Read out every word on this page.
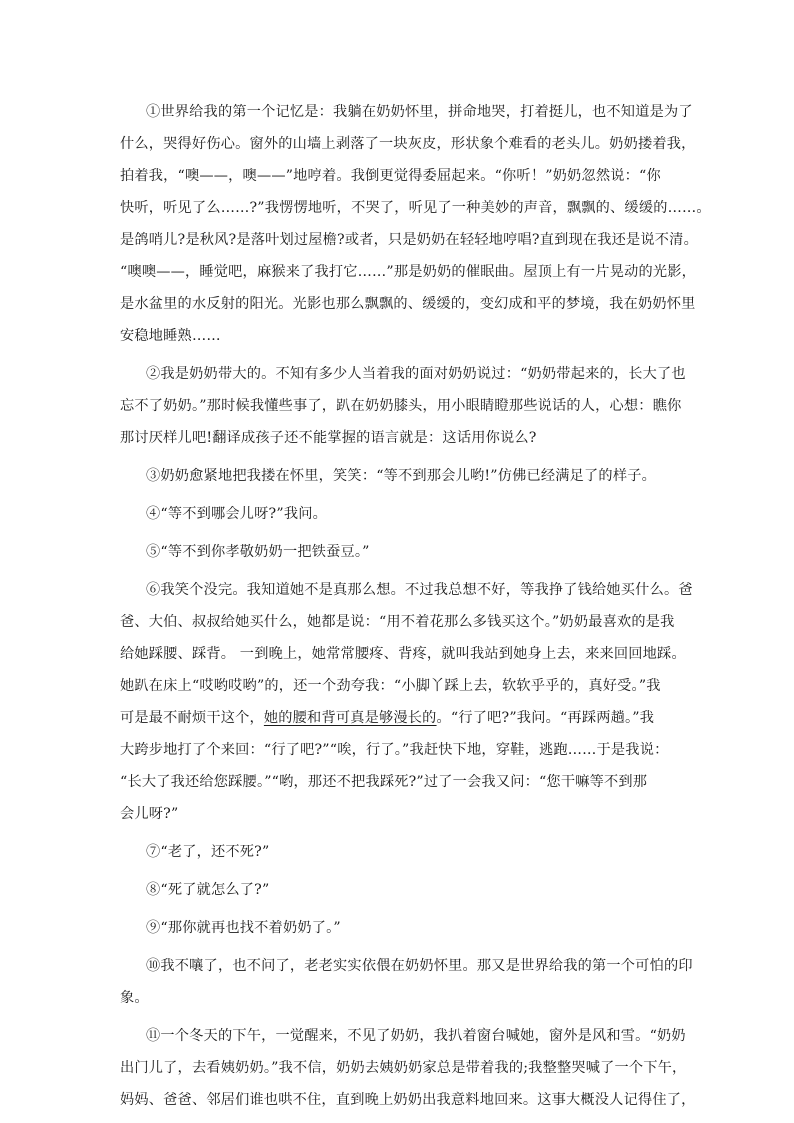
①世界给我的第一个记忆是：我躺在奶奶怀里，拼命地哭，打着挺儿，也不知道是为了
什么，哭得好伤心。窗外的山墙上剥落了一块灰皮，形状象个难看的老头儿。奶奶搂着我，
拍着我，“噢——，噢——”地哼着。我倒更觉得委屈起来。“你听！”奶奶忽然说：“你
快听，听见了么……?”我愣愣地听，不哭了，听见了一种美妙的声音，飘飘的、缓缓的……。
是鸽哨儿?是秋风?是落叶划过屋檐?或者，只是奶奶在轻轻地哼唱?直到现在我还是说不清。
“噢噢——，睡觉吧，麻猴来了我打它……”那是奶奶的催眠曲。屋顶上有一片晃动的光影，
是水盆里的水反射的阳光。光影也那么飘飘的、缓缓的，变幻成和平的梦境，我在奶奶怀里
安稳地睡熟……

②我是奶奶带大的。不知有多少人当着我的面对奶奶说过：“奶奶带起来的，长大了也
忘不了奶奶。”那时候我懂些事了，趴在奶奶膝头，用小眼睛瞪那些说话的人，心想：瞧你
那讨厌样儿吧!翻译成孩子还不能掌握的语言就是：这话用你说么?

③奶奶愈紧地把我搂在怀里，笑笑：“等不到那会儿哟!”仿佛已经满足了的样子。

④“等不到哪会儿呀?”我问。

⑤“等不到你孝敬奶奶一把铁蚕豆。”

⑥我笑个没完。我知道她不是真那么想。不过我总想不好，等我挣了钱给她买什么。爸
爸、大伯、叔叔给她买什么，她都是说：“用不着花那么多钱买这个。”奶奶最喜欢的是我
给她踩腰、踩背。 一到晚上，她常常腰疼、背疼，就叫我站到她身上去，来来回回地踩。
她趴在床上“哎哟哎哟”的，还一个劲夸我：“小脚丫踩上去，软软乎乎的，真好受。”我
可是最不耐烦干这个，她的腰和背可真是够漫长的。“行了吧?”我问。“再踩两趟。”我
大跨步地打了个来回：“行了吧?”“唉，行了。”我赶快下地，穿鞋，逃跑……于是我说：
“长大了我还给您踩腰。”“哟，那还不把我踩死?”过了一会我又问：“您干嘛等不到那
会儿呀?”

⑦“老了，还不死?”

⑧“死了就怎么了?”

⑨“那你就再也找不着奶奶了。”

⑩我不嚷了，也不问了，老老实实依偎在奶奶怀里。那又是世界给我的第一个可怕的印
象。

⑪一个冬天的下午，一觉醒来，不见了奶奶，我扒着窗台喊她，窗外是风和雪。“奶奶
出门儿了，去看姨奶奶。”我不信，奶奶去姨奶奶家总是带着我的;我整整哭喊了一个下午，
妈妈、爸爸、邻居们谁也哄不住，直到晚上奶奶出我意料地回来。这事大概没人记得住了，
